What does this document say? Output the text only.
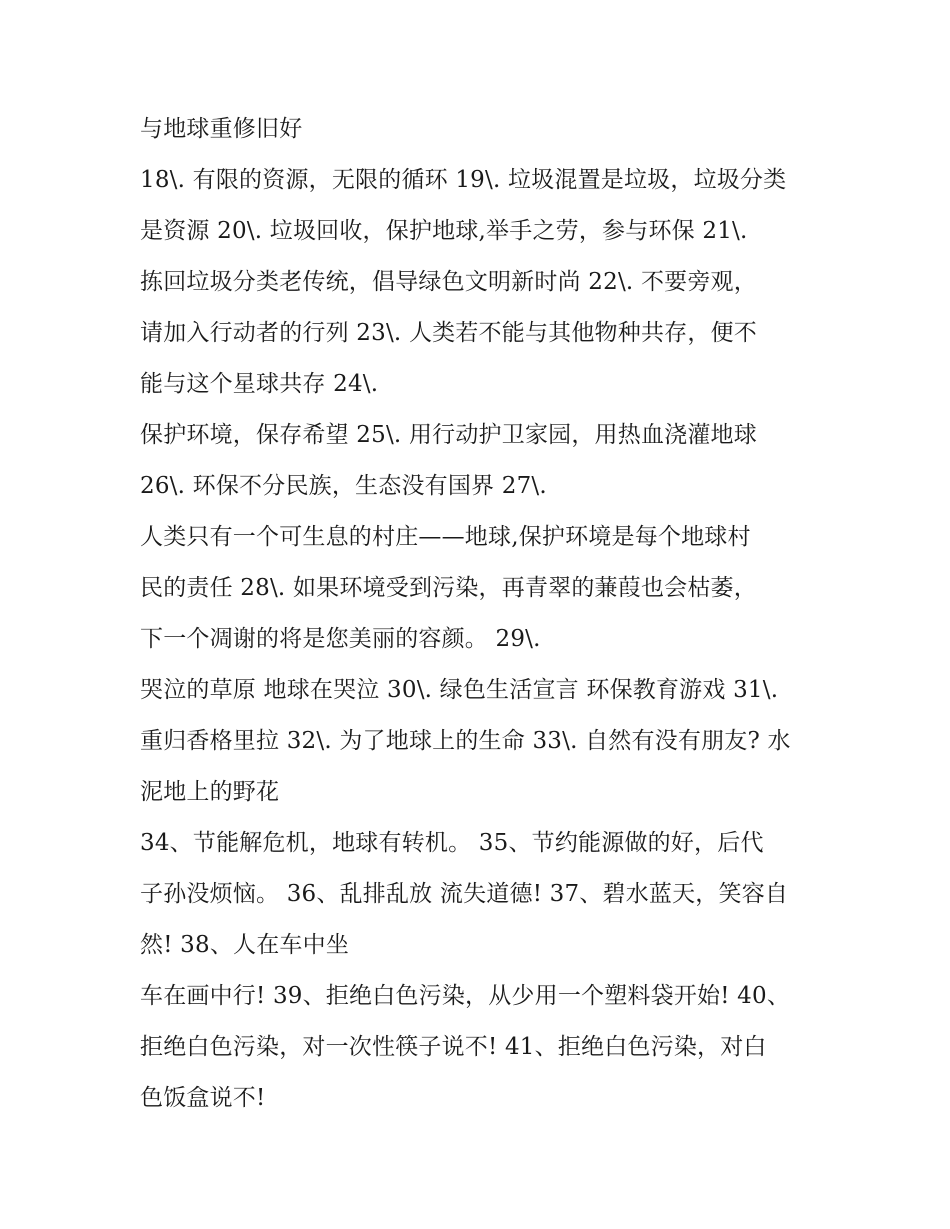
与地球重修旧好
18\. 有限的资源，无限的循环 19\. 垃圾混置是垃圾，垃圾分类
是资源 20\. 垃圾回收，保护地球,举手之劳，参与环保 21\.
拣回垃圾分类老传统，倡导绿色文明新时尚 22\. 不要旁观，
请加入行动者的行列 23\. 人类若不能与其他物种共存，便不
能与这个星球共存 24\.
保护环境，保存希望 25\. 用行动护卫家园，用热血浇灌地球
26\. 环保不分民族，生态没有国界 27\.
人类只有一个可生息的村庄——地球,保护环境是每个地球村
民的责任 28\. 如果环境受到污染，再青翠的蒹葭也会枯萎，
下一个凋谢的将是您美丽的容颜。 29\.
哭泣的草原 地球在哭泣 30\. 绿色生活宣言 环保教育游戏 31\.
重归香格里拉 32\. 为了地球上的生命 33\. 自然有没有朋友? 水
泥地上的野花
34、节能解危机，地球有转机。 35、节约能源做的好，后代
子孙没烦恼。 36、乱排乱放 流失道德! 37、碧水蓝天，笑容自
然! 38、人在车中坐
车在画中行! 39、拒绝白色污染，从少用一个塑料袋开始! 40、
拒绝白色污染，对一次性筷子说不! 41、拒绝白色污染，对白
色饭盒说不!
